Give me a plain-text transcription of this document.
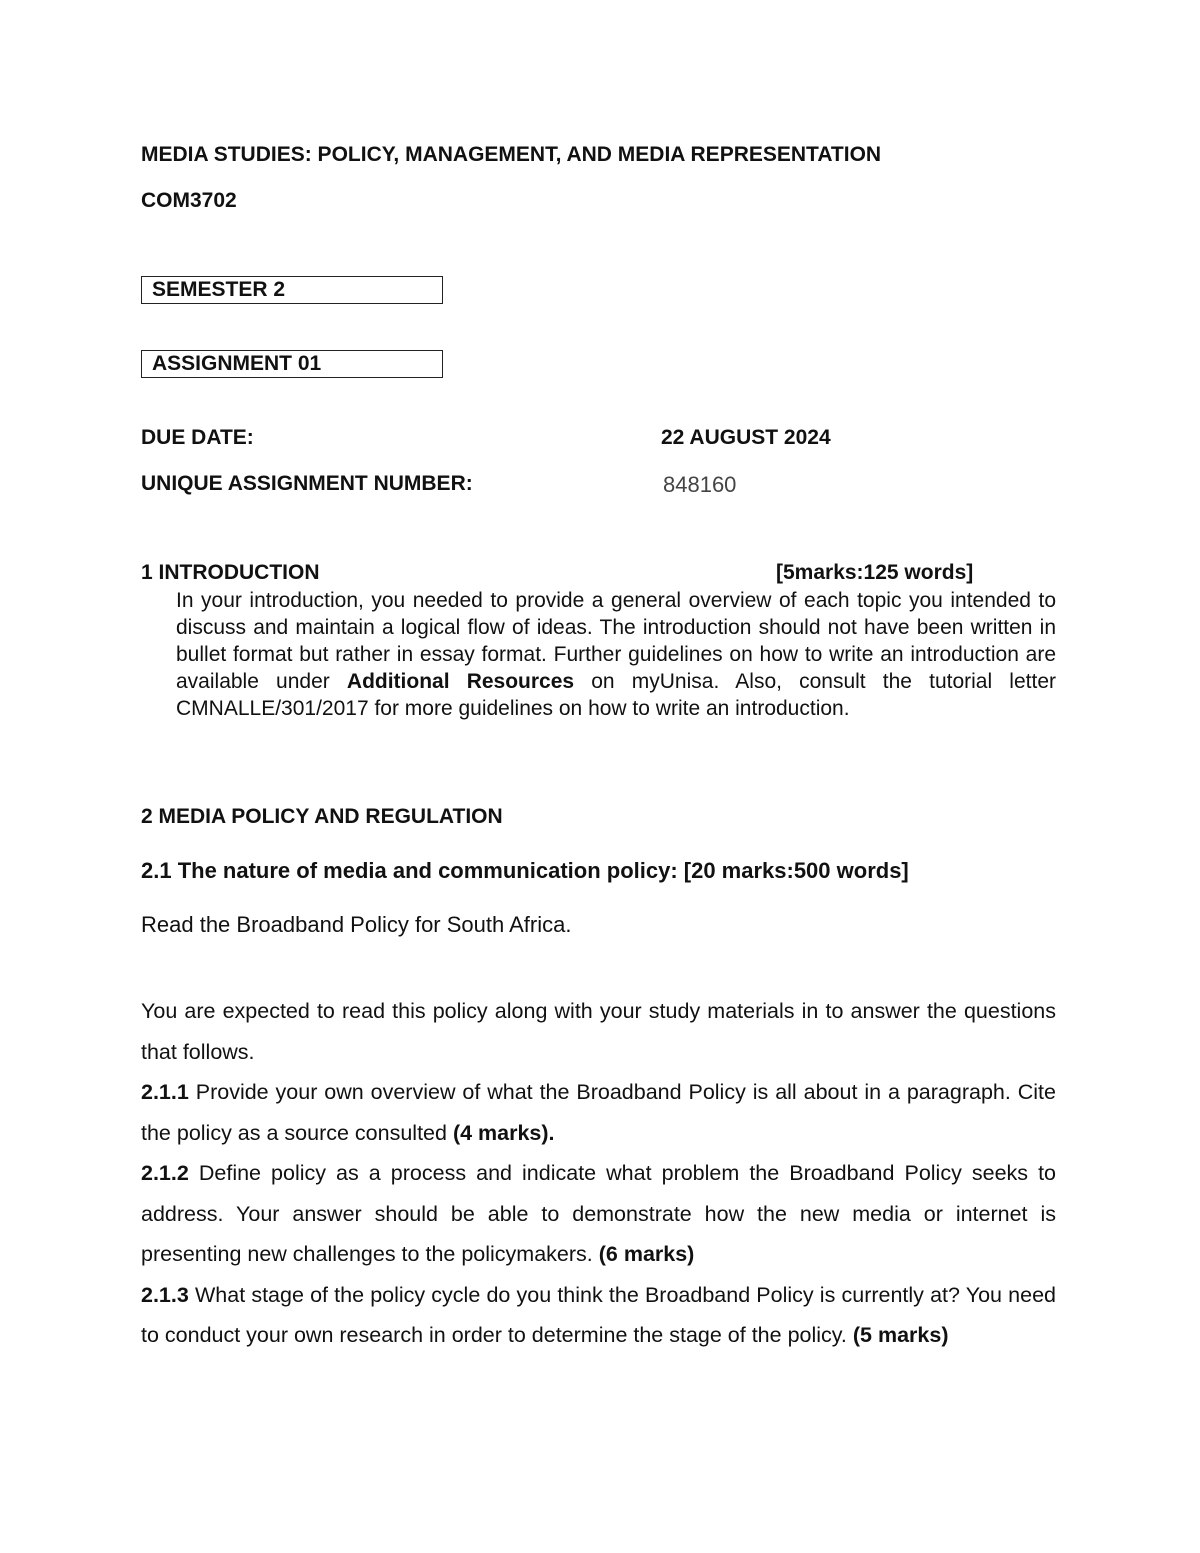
MEDIA STUDIES: POLICY, MANAGEMENT, AND MEDIA REPRESENTATION
COM3702
SEMESTER 2
ASSIGNMENT 01
DUE DATE:	22 AUGUST 2024
UNIQUE ASSIGNMENT NUMBER:	848160
1 INTRODUCTION	[5marks:125 words]
In your introduction, you needed to provide a general overview of each topic you intended to discuss and maintain a logical flow of ideas. The introduction should not have been written in bullet format but rather in essay format. Further guidelines on how to write an introduction are available under Additional Resources on myUnisa. Also, consult the tutorial letter CMNALLE/301/2017 for more guidelines on how to write an introduction.
2 MEDIA POLICY AND REGULATION
2.1 The nature of media and communication policy: [20 marks:500 words]
Read the Broadband Policy for South Africa.

You are expected to read this policy along with your study materials in to answer the questions that follows.

2.1.1 Provide your own overview of what the Broadband Policy is all about in a paragraph. Cite the policy as a source consulted (4 marks).

2.1.2 Define policy as a process and indicate what problem the Broadband Policy seeks to address. Your answer should be able to demonstrate how the new media or internet is presenting new challenges to the policymakers. (6 marks)

2.1.3 What stage of the policy cycle do you think the Broadband Policy is currently at? You need to conduct your own research in order to determine the stage of the policy. (5 marks)
